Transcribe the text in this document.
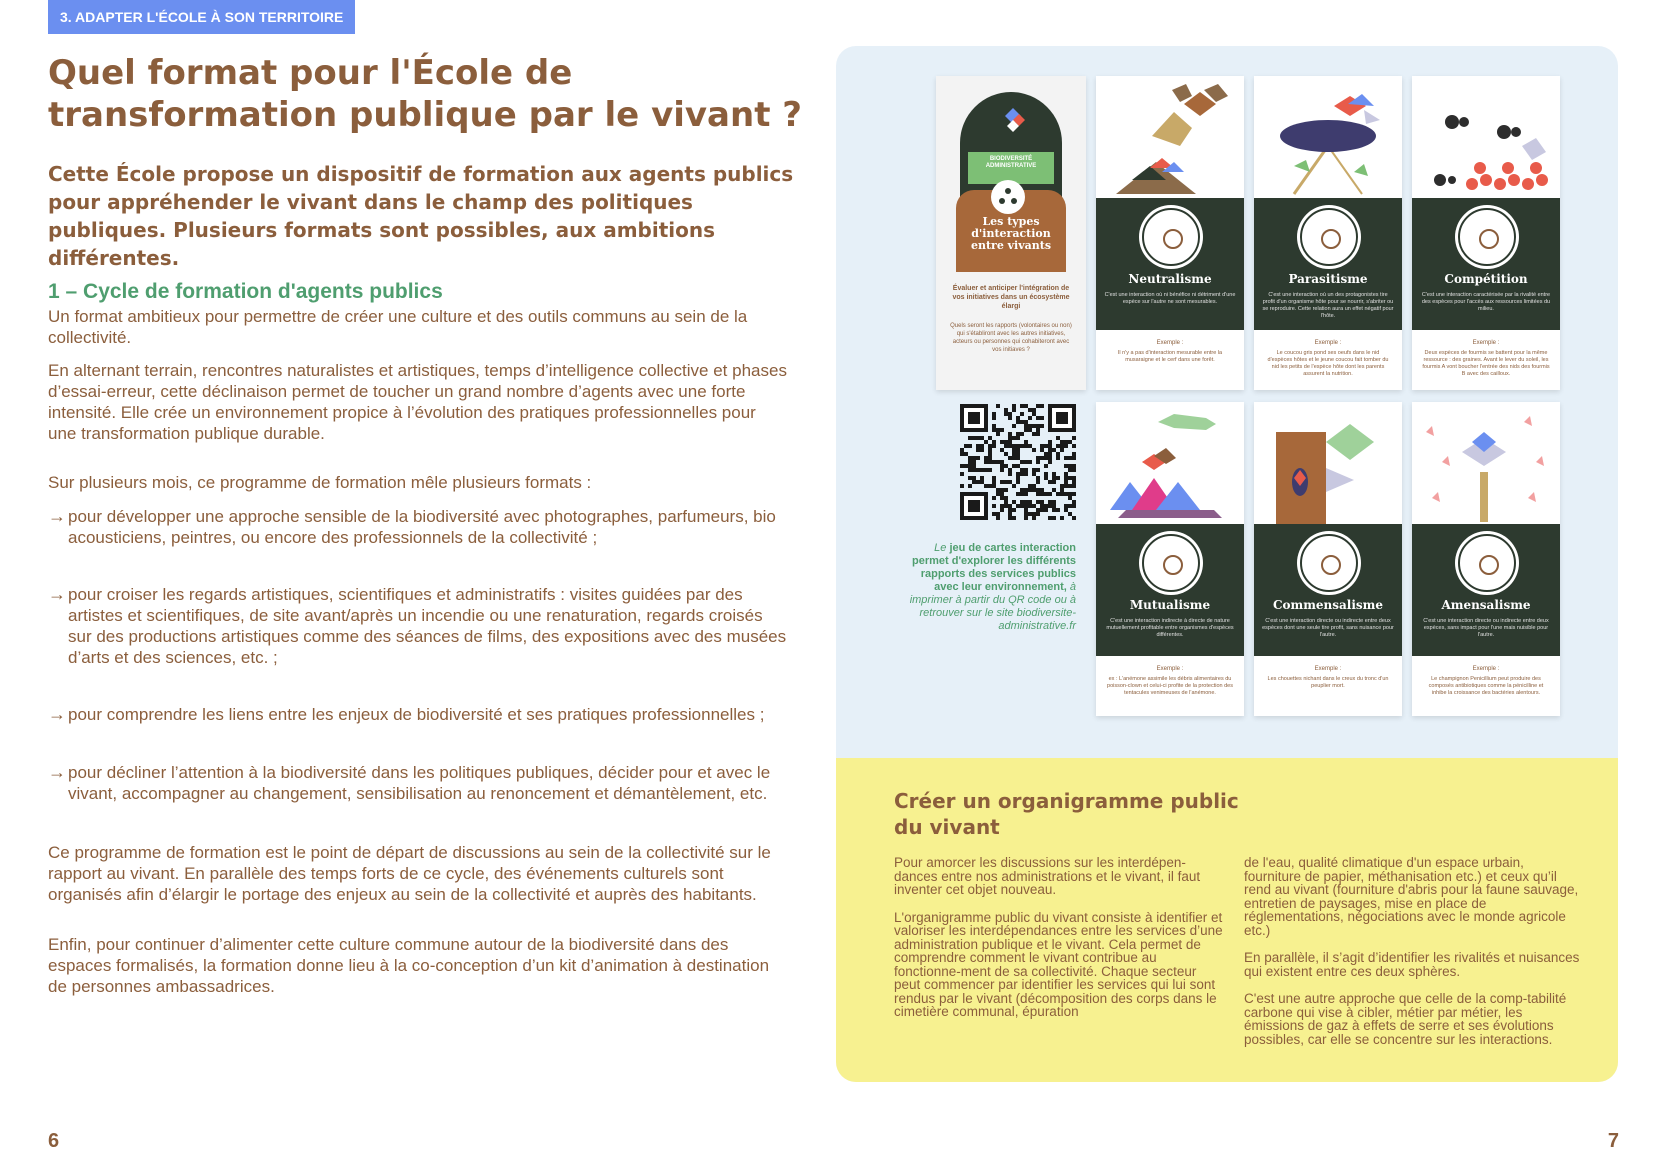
3. ADAPTER L'ÉCOLE À SON TERRITOIRE
Quel format pour l'École de transformation publique par le vivant ?

Cette École propose un dispositif de formation aux agents publics pour appréhender le vivant dans le champ des politiques publiques. Plusieurs formats sont possibles, aux ambitions différentes.

1 – Cycle de formation d'agents publics

Un format ambitieux pour permettre de créer une culture et des outils communs au sein de la collectivité.

En alternant terrain, rencontres naturalistes et artistiques, temps d’intelligence collective et phases d’essai-erreur, cette déclinaison permet de toucher un grand nombre d’agents avec une forte intensité. Elle crée un environnement propice à l’évolution des pratiques professionnelles pour une transformation publique durable.

Sur plusieurs mois, ce programme de formation mêle plusieurs formats :

→ pour développer une approche sensible de la biodiversité avec photographes, parfumeurs, bio acousticiens, peintres, ou encore des professionnels de la collectivité ;
→ pour croiser les regards artistiques, scientifiques et administratifs : visites guidées par des artistes et scientifiques, de site avant/après un incendie ou une renaturation, regards croisés sur des productions artistiques comme des séances de films, des expositions avec des musées d’arts et des sciences, etc. ;
→ pour comprendre les liens entre les enjeux de biodiversité et ses pratiques professionnelles ;
→ pour décliner l’attention à la biodiversité dans les politiques publiques, décider pour et avec le vivant, accompagner au changement, sensibilisation au renoncement et démantèlement, etc.

Ce programme de formation est le point de départ de discussions au sein de la collectivité sur le rapport au vivant. En parallèle des temps forts de ce cycle, des événements culturels sont organisés afin d’élargir le portage des enjeux au sein de la collectivité et auprès des habitants.

Enfin, pour continuer d’alimenter cette culture commune autour de la biodiversité dans des espaces formalisés, la formation donne lieu à la co-conception d’un kit d’animation à destination de personnes ambassadrices.

6	7
BIODIVERSITÉ ADMINISTRATIVE
Les types d'interaction entre vivants
Évaluer et anticiper l'intégration de vos initiatives dans un écosystème élargi
Quels seront les rapports (volontaires ou non) qui s'établiront avec les autres initiatives, acteurs ou personnes qui cohabiteront avec vos initiaves ?
Le jeu de cartes interaction permet d'explorer les différents rapports des services publics avec leur environnement, à imprimer à partir du QR code ou à retrouver sur le site biodiversite-administrative.fr
Neutralisme
C'est une interaction où ni bénéfice ni détriment d'une espèce sur l'autre ne sont mesurables.
Exemple :
Il n'y a pas d'interaction mesurable entre la musaraigne et le cerf dans une forêt.
Parasitisme
C'est une interaction où un des protagonistes tire profit d'un organisme hôte pour se nourrir, s'abriter ou se reproduire. Cette relation aura un effet négatif pour l'hôte.
Exemple :
Le coucou gris pond ses oeufs dans le nid d'espèces hôtes et le jeune coucou fait tomber du nid les petits de l'espèce hôte dont les parents assurent la nutrition.
Compétition
C'est une interaction caractérisée par la rivalité entre des espèces pour l'accès aux ressources limitées du milieu.
Exemple :
Deux espèces de fourmis se battent pour la même ressource : des graines. Avant le lever du soleil, les fourmis A vont boucher l'entrée des nids des fourmis B avec des cailloux.
Mutualisme
C'est une interaction indirecte à directe de nature mutuellement profitable entre organismes d'espèces différentes.
Exemple :
ex : L'anémone assimile les débris alimentaires du poisson-clown et celui-ci profite de la protection des tentacules venimeuses de l'anémone.
Commensalisme
C'est une interaction directe ou indirecte entre deux espèces dont une seule tire profit, sans nuisance pour l'autre.
Exemple :
Les chouettes nichant dans le creux du tronc d'un peuplier mort.
Amensalisme
C'est une interaction directe ou indirecte entre deux espèces, sans impact pour l'une mais nuisible pour l'autre.
Exemple :
Le champignon Penicillium peut produire des composés antibiotiques comme la pénicilline et inhibe la croissance des bactéries alentours.
Créer un organigramme public du vivant

Pour amorcer les discussions sur les interdépen-dances entre nos administrations et le vivant, il faut inventer cet objet nouveau.

L'organigramme public du vivant consiste à identifier et valoriser les interdépendances entre les services d’une administration publique et le vivant. Cela permet de comprendre comment le vivant contribue au fonctionne-ment de sa collectivité. Chaque secteur peut commencer par identifier les services qui lui sont rendus par le vivant (décomposition des corps dans le cimetière communal, épuration

de l'eau, qualité climatique d'un espace urbain, fourniture de papier, méthanisation etc.) et ceux qu’il rend au vivant (fourniture d'abris pour la faune sauvage, entretien de paysages, mise en place de réglementations, négociations avec le monde agricole etc.)

En parallèle, il s’agit d’identifier les rivalités et nuisances qui existent entre ces deux sphères.

C'est une autre approche que celle de la comp-tabilité carbone qui vise à cibler, métier par métier, les émissions de gaz à effets de serre et ses évolutions possibles, car elle se concentre sur les interactions.
